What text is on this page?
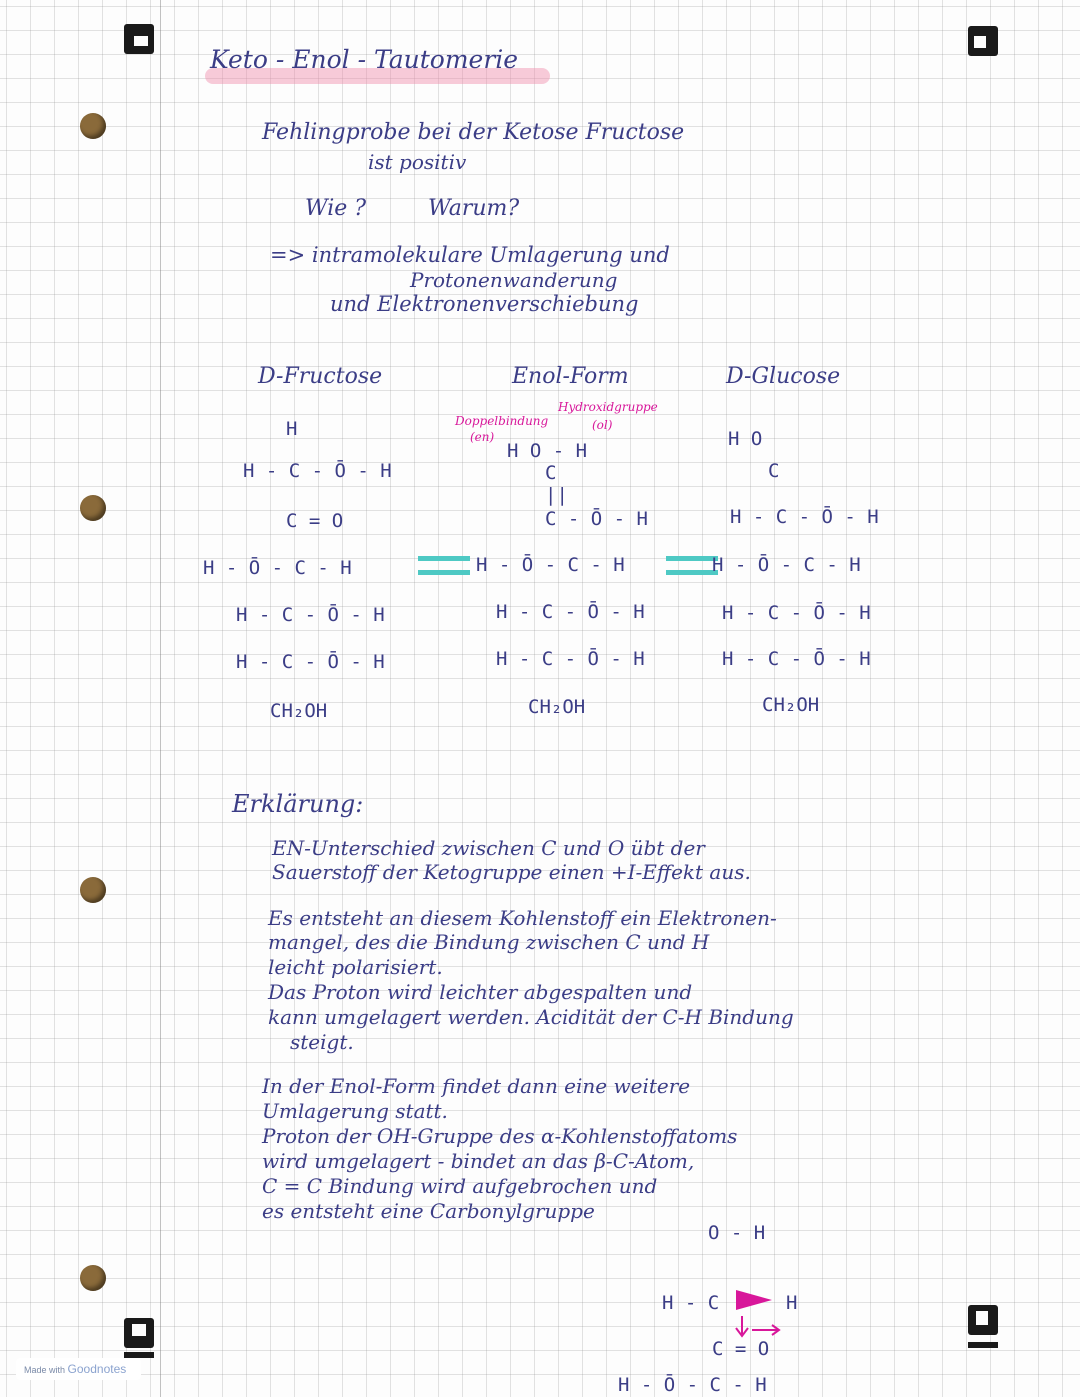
Keto - Enol - Tautomerie
Fehlingprobe bei der Ketose Fructose
ist positiv
Wie ?	Warum?
=> intramolekulare Umlagerung und
Protonenwanderung
und Elektronenverschiebung
D-Fructose	Enol-Form	D-Glucose
Doppelbindung
(en)
Hydroxidgruppe
(ol)
H
H - C - Ō - H
C = O
H - Ō - C - H
H - C - Ō - H
H - C - Ō - H
CH₂OH
H O - H
C
||
C - Ō - H
H - Ō - C - H
H - C - Ō - H
H - C - Ō - H
CH₂OH
H O
C
H - C - Ō - H
H - Ō - C - H
H - C - Ō - H
H - C - Ō - H
CH₂OH
Erklärung:
EN-Unterschied zwischen C und O übt der
Sauerstoff der Ketogruppe einen +I-Effekt aus.
Es entsteht an diesem Kohlenstoff ein Elektronen-
mangel, des die Bindung zwischen C und H
leicht polarisiert.
Das Proton wird leichter abgespalten und
kann umgelagert werden. Acidität der C-H Bindung
steigt.
In der Enol-Form findet dann eine weitere
Umlagerung statt.
Proton der OH-Gruppe des α-Kohlenstoffatoms
wird umgelagert - bindet an das β-C-Atom,
C = C Bindung wird aufgebrochen und
es entsteht eine Carbonylgruppe
O - H
H - C
C = O
H - Ō - C - H
H
Made with Goodnotes
